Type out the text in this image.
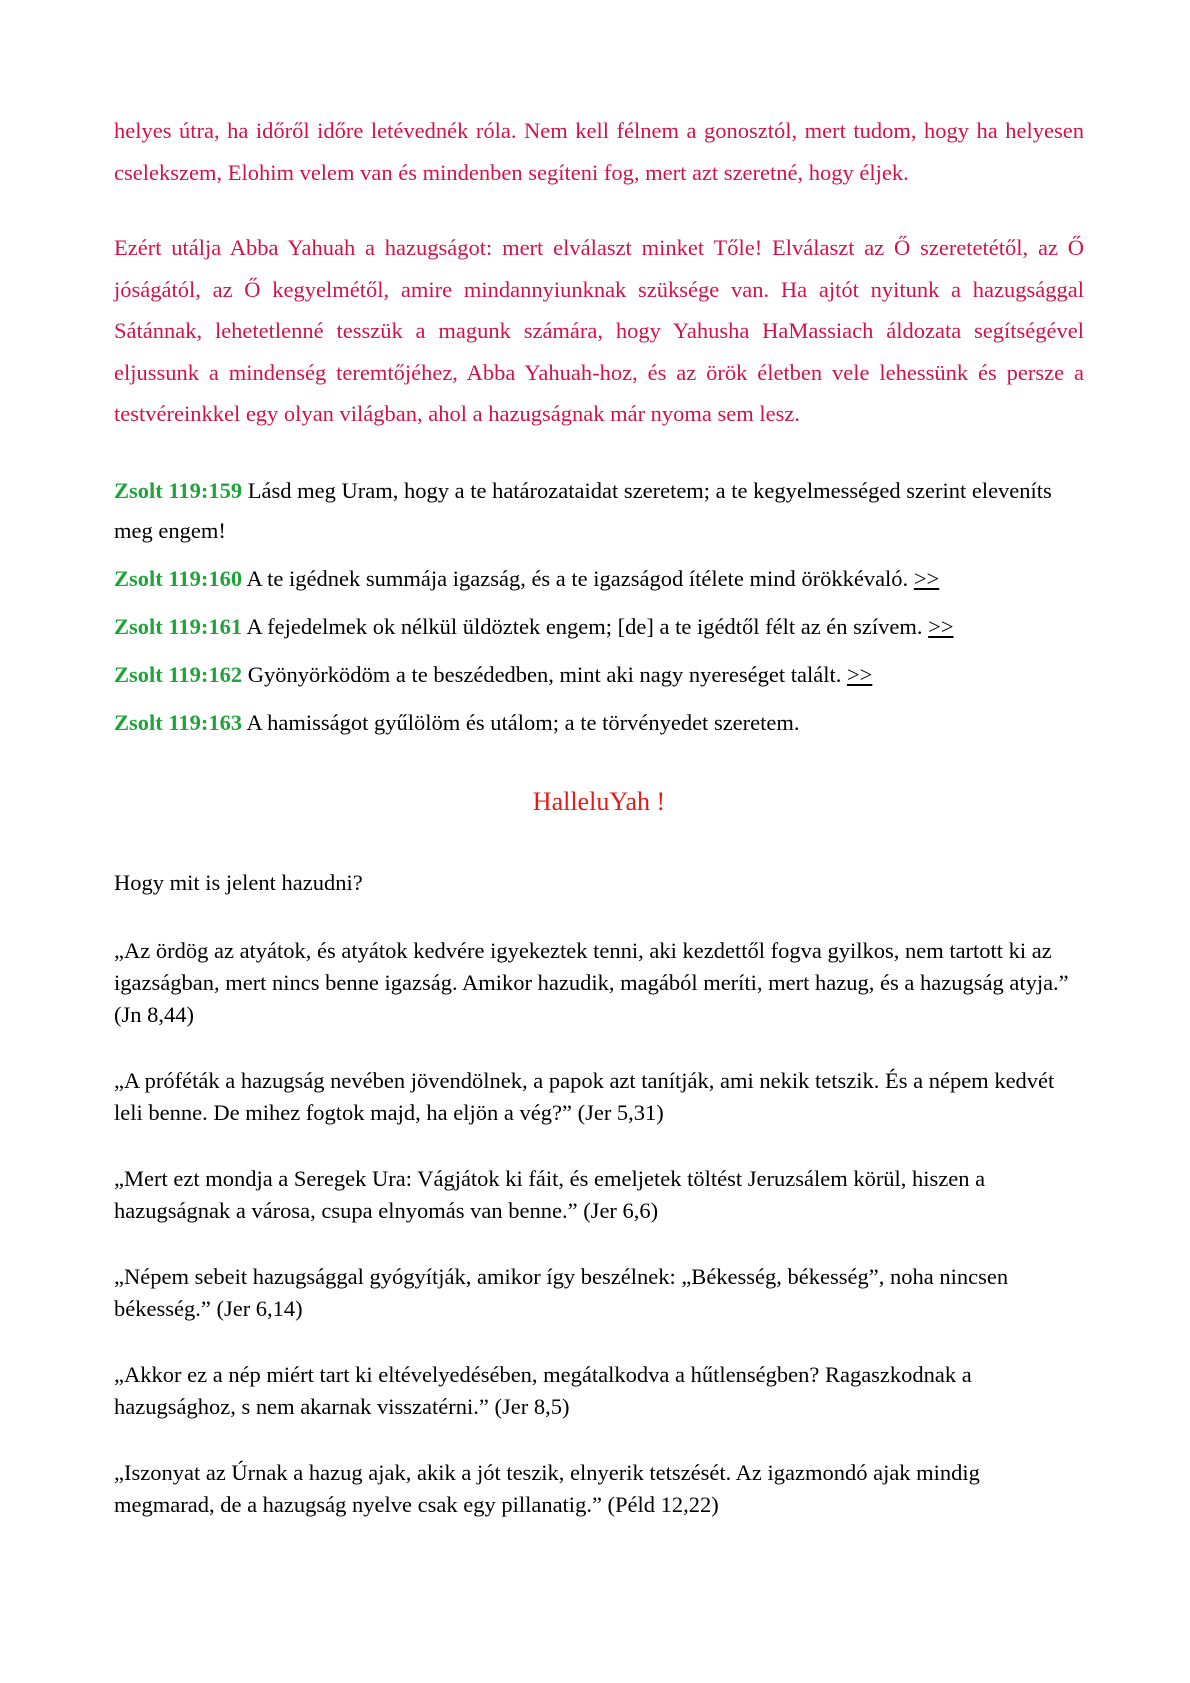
helyes útra, ha időről időre letévednék róla. Nem kell félnem a gonosztól, mert tudom, hogy ha helyesen cselekszem, Elohim velem van és mindenben segíteni fog, mert azt szeretné, hogy éljek.

Ezért utálja Abba Yahuah a hazugságot: mert elválaszt minket Tőle! Elválaszt az Ő szeretetétől, az Ő jóságától, az Ő kegyelmétől, amire mindannyiunknak szüksége van. Ha ajtót nyitunk a hazugsággal Sátánnak, lehetetlenné tesszük a magunk számára, hogy Yahusha HaMassiach áldozata segítségével eljussunk a mindenség teremtőjéhez, Abba Yahuah-hoz, és az örök életben vele lehessünk és persze a testvéreinkkel egy olyan világban, ahol a hazugságnak már nyoma sem lesz.

Zsolt 119:159 Lásd meg Uram, hogy a te határozataidat szeretem; a te kegyelmességed szerint eleveníts meg engem!

Zsolt 119:160 A te igédnek summája igazság, és a te igazságod ítélete mind örökkévaló. >>

Zsolt 119:161 A fejedelmek ok nélkül üldöztek engem; [de] a te igédtől félt az én szívem. >>

Zsolt 119:162 Gyönyörködöm a te beszédedben, mint aki nagy nyereséget talált. >>

Zsolt 119:163 A hamisságot gyűlölöm és utálom; a te törvényedet szeretem.

HalleluYah !

Hogy mit is jelent hazudni?

„Az ördög az atyátok, és atyátok kedvére igyekeztek tenni, aki kezdettől fogva gyilkos, nem tartott ki az igazságban, mert nincs benne igazság. Amikor hazudik, magából meríti, mert hazug, és a hazugság atyja.” (Jn 8,44)

„A próféták a hazugság nevében jövendölnek, a papok azt tanítják, ami nekik tetszik. És a népem kedvét leli benne. De mihez fogtok majd, ha eljön a vég?” (Jer 5,31)

„Mert ezt mondja a Seregek Ura: Vágjátok ki fáit, és emeljetek töltést Jeruzsálem körül, hiszen a hazugságnak a városa, csupa elnyomás van benne.” (Jer 6,6)

„Népem sebeit hazugsággal gyógyítják, amikor így beszélnek: „Békesség, békesség”, noha nincsen békesség.” (Jer 6,14)

„Akkor ez a nép miért tart ki eltévelyedésében, megátalkodva a hűtlenségben? Ragaszkodnak a hazugsághoz, s nem akarnak visszatérni.” (Jer 8,5)

„Iszonyat az Úrnak a hazug ajak, akik a jót teszik, elnyerik tetszését. Az igazmondó ajak mindig megmarad, de a hazugság nyelve csak egy pillanatig.” (Péld 12,22)
